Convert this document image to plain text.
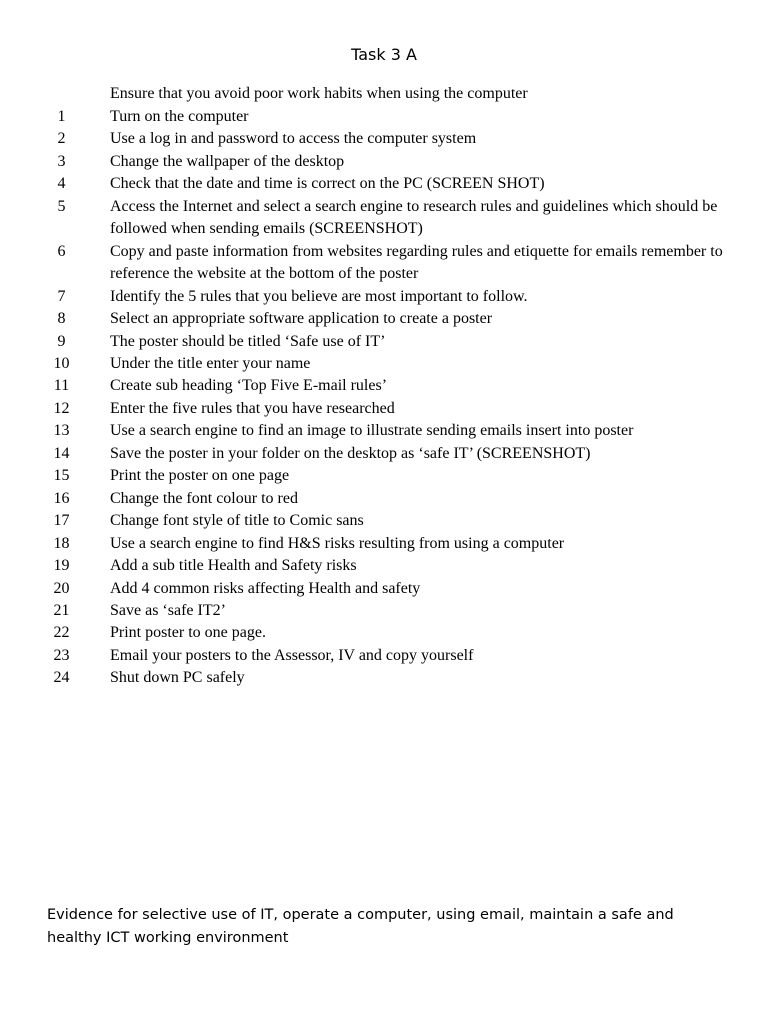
Task 3 A
Ensure that you avoid poor work habits when using the computer
1	Turn on the computer
2	Use a log in and password to access the computer system
3	Change the wallpaper of the desktop
4	Check that the date and time is correct on the PC (SCREEN SHOT)
5	Access the Internet and select a search engine to research rules and guidelines which should be followed when sending emails (SCREENSHOT)
6	Copy and paste information from websites regarding rules and etiquette for emails remember to reference the website at the bottom of the poster
7	Identify the 5 rules that you believe are most important to follow.
8	Select an appropriate software application to create a poster
9	The poster should be titled ‘Safe use of IT’
10	Under the title enter your name
11	Create sub heading ‘Top Five E-mail rules’
12	Enter the five rules that you have researched
13	Use a search engine to find an image to illustrate sending emails insert into poster
14	Save the poster in your folder on the desktop as ‘safe IT’ (SCREENSHOT)
15	Print the poster on one page
16	Change the font colour to red
17	Change font style of title to Comic sans
18	Use a search engine to find H&S risks resulting from using a computer
19	Add a sub title Health and Safety risks
20	Add 4 common risks affecting Health and safety
21	Save as ‘safe IT2’
22	Print poster to one page.
23	Email your posters to the Assessor, IV and copy yourself
24	Shut down PC safely
Evidence for selective use of IT, operate a computer, using email, maintain a safe and healthy ICT working environment
